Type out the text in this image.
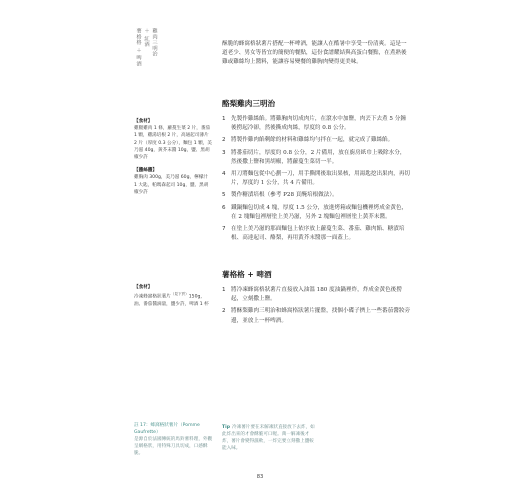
雞肉三明治
＋ 紅酒
薯格格 ＋ 啤酒

【食材】

雞腿雞肉 1 條，蘿蔓生菜 2 片，番茄 1 顆，雞湯培根 2 片，高通起司薄片 2 片（厚度 0.3 公分），麵包 1 顆，美乃滋 40g，黃芥末醬 10g，鹽、黑胡椒少許

【醬絲醬】

雞胸肉 300g，美乃滋 60g，檸檬汁 1 大匙，帕瑪森起司 10g，鹽、黑胡椒少許

【食材】

冷凍蜂窩格狀薯片$^{(見下頁)}$150g，油、番茄醬滴量，鹽少許，啤酒 1 杯

註 17：蜂窩格狀薯片（Pomme Gaufrette）
是源自於法國傳統的馬鈴薯料理，外觀呈網格狀，用特殊刀具切成，口感酥脆。
酥脆的蜂窩格狀薯片搭配一杯啤酒，能讓人在酷暑中享受一份清爽。這是一道老少、男女等皆宜的簡便的餐點，這份食譜耀結與高蛋白餐點，在煮熟後雞或雞絲均上醬料，能讓容易變餐的雞胸肉變得更美味。
酪梨雞肉三明治
1 先製作雞絲餡。將雞胸肉切成肉片，在滾水中加鹽，肉丟下去煮 5 分鐘後撈起冷卻，然後撕成肉絲，厚度約 0.8 公分。
2 將製作雞肉餡剩餘的材料和雞絲均勻拌在一起，就完成了雞絲餡。
3 將番茄切片，厚度約 0.8 公分，2 片備用，放在廚房紙巾上吸除水分，然後撒上鹽和黑胡椒，將蘿蔓生菜切一半。
4 用刀將麵包從中心劃一刀，用手撕開後取出果核，用湯匙挖出果肉，再切片，厚度約 1 公分，共 4 片備用。
5 製作糖漬培根（參考 P28 頁醃培根做法）。
6 鐵鍋麵包切成 4 塊，厚度 1.5 公分，放進烤箱或麵包機裡烤成金黃色，在 2 塊麵包裡層塗上美乃滋，另外 2 塊麵包裡層塗上黃芥末醬。
7 在塗上美乃滋的那面麵包上依序放上蘿蔓生菜、番茄、雞肉餡、糖漬培根、高達起司、酪梨，再用黃芥末醬那一面蓋上。
薯格格 + 啤酒
1 將冷凍蜂窩格狀薯片直接放入油溫 180 度油鍋裡炸，炸成金黃色後撈起，立刻撒上鹽。
2 將酥梨雞肉三明治和蜂窩格狀薯片擺盤，找個小碟子擠上一些番茄醬妝旁邊，並放上一杯啤酒。
Tip 冷凍薯片要在未解凍狀直接放下去炸，如此炸出來的才會酥脆可口喔。萬一解凍後才炸，薯片會變得濕軟，一炸完要立刻撒上鹽較能入味。
83
